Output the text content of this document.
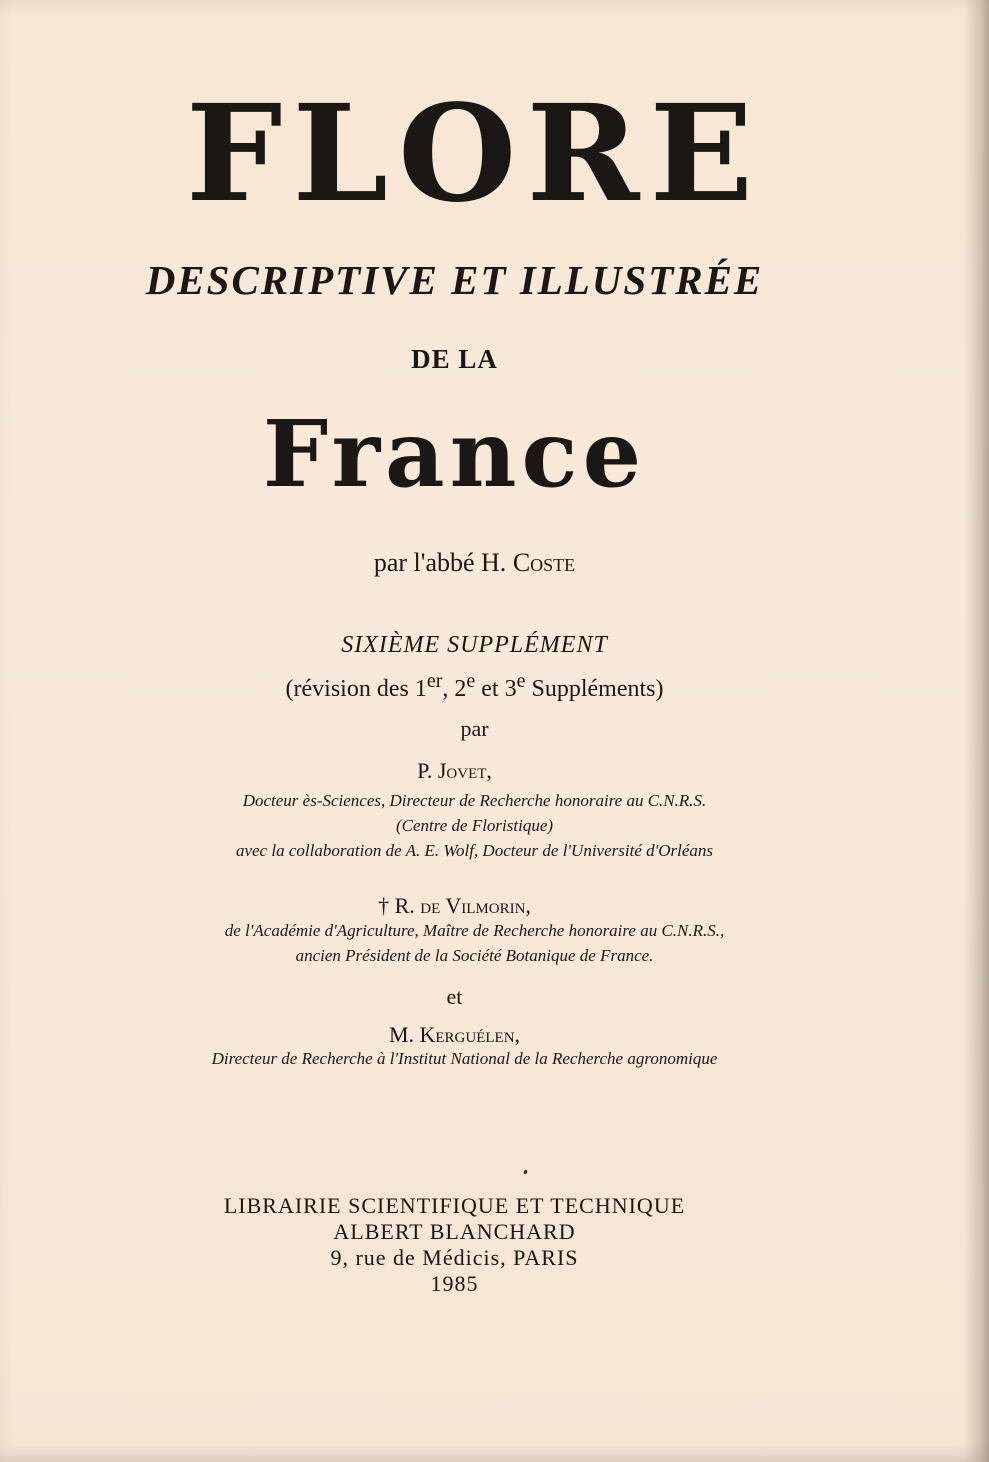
FLORE
DESCRIPTIVE ET ILLUSTRÉE
DE LA
France
par l'abbé H. Coste
SIXIÈME SUPPLÉMENT
(révision des 1er, 2e et 3e Suppléments)
par
P. Jovet,
Docteur ès-Sciences, Directeur de Recherche honoraire au C.N.R.S.
(Centre de Floristique)
avec la collaboration de A. E. Wolf, Docteur de l'Université d'Orléans
† R. de Vilmorin,
de l'Académie d'Agriculture, Maître de Recherche honoraire au C.N.R.S.,
ancien Président de la Société Botanique de France.
et
M. Kerguélen,
Directeur de Recherche à l'Institut National de la Recherche agronomique
LIBRAIRIE SCIENTIFIQUE ET TECHNIQUE
ALBERT BLANCHARD
9, rue de Médicis, PARIS
1985
